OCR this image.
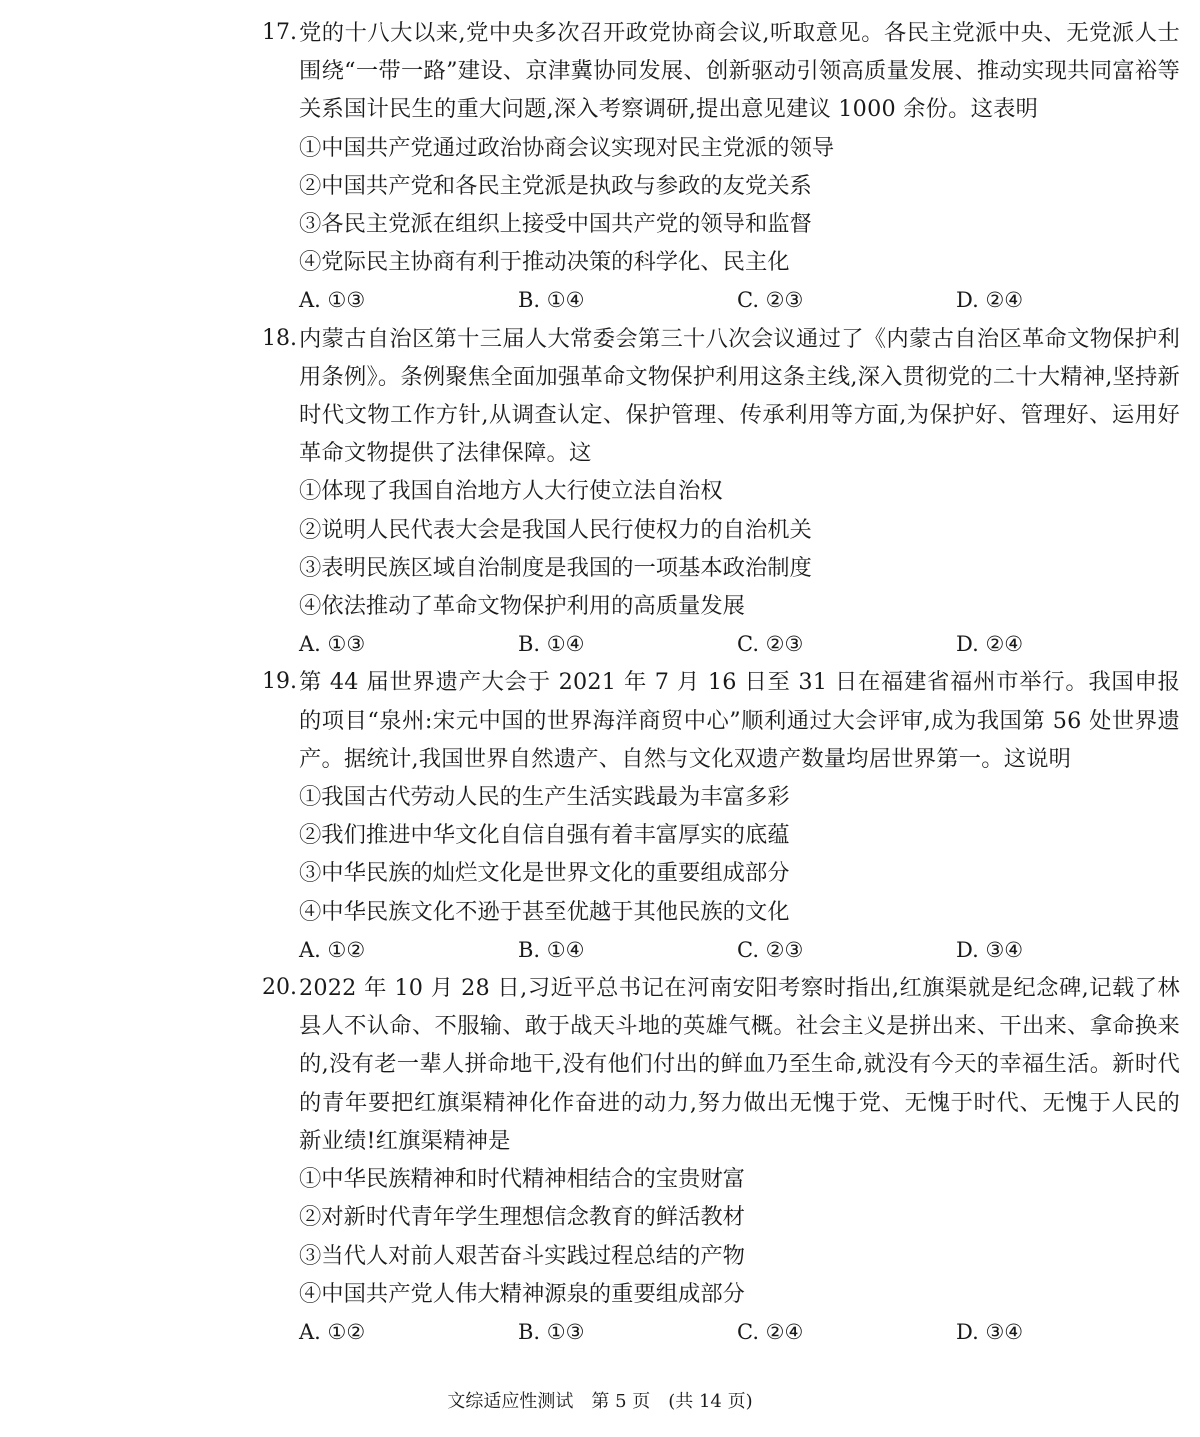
17. 党的十八大以来,党中央多次召开政党协商会议,听取意见。各民主党派中央、无党派人士围绕“一带一路”建设、京津冀协同发展、创新驱动引领高质量发展、推动实现共同富裕等关系国计民生的重大问题,深入考察调研,提出意见建议 1000 余份。这表明

①中国共产党通过政治协商会议实现对民主党派的领导

②中国共产党和各民主党派是执政与参政的友党关系

③各民主党派在组织上接受中国共产党的领导和监督

④党际民主协商有利于推动决策的科学化、民主化

A. ①③	B. ①④	C. ②③	D. ②④
18. 内蒙古自治区第十三届人大常委会第三十八次会议通过了《内蒙古自治区革命文物保护利用条例》。条例聚焦全面加强革命文物保护利用这条主线,深入贯彻党的二十大精神,坚持新时代文物工作方针,从调查认定、保护管理、传承利用等方面,为保护好、管理好、运用好革命文物提供了法律保障。这

①体现了我国自治地方人大行使立法自治权

②说明人民代表大会是我国人民行使权力的自治机关

③表明民族区域自治制度是我国的一项基本政治制度

④依法推动了革命文物保护利用的高质量发展

A. ①③	B. ①④	C. ②③	D. ②④
19. 第 44 届世界遗产大会于 2021 年 7 月 16 日至 31 日在福建省福州市举行。我国申报的项目“泉州:宋元中国的世界海洋商贸中心”顺利通过大会评审,成为我国第 56 处世界遗产。据统计,我国世界自然遗产、自然与文化双遗产数量均居世界第一。这说明

①我国古代劳动人民的生产生活实践最为丰富多彩

②我们推进中华文化自信自强有着丰富厚实的底蕴

③中华民族的灿烂文化是世界文化的重要组成部分

④中华民族文化不逊于甚至优越于其他民族的文化

A. ①②	B. ①④	C. ②③	D. ③④
20. 2022 年 10 月 28 日,习近平总书记在河南安阳考察时指出,红旗渠就是纪念碑,记载了林县人不认命、不服输、敢于战天斗地的英雄气概。社会主义是拼出来、干出来、拿命换来的,没有老一辈人拼命地干,没有他们付出的鲜血乃至生命,就没有今天的幸福生活。新时代的青年要把红旗渠精神化作奋进的动力,努力做出无愧于党、无愧于时代、无愧于人民的新业绩!红旗渠精神是

①中华民族精神和时代精神相结合的宝贵财富

②对新时代青年学生理想信念教育的鲜活教材

③当代人对前人艰苦奋斗实践过程总结的产物

④中国共产党人伟大精神源泉的重要组成部分

A. ①②	B. ①③	C. ②④	D. ③④
文综适应性测试　第 5 页　(共 14 页)
